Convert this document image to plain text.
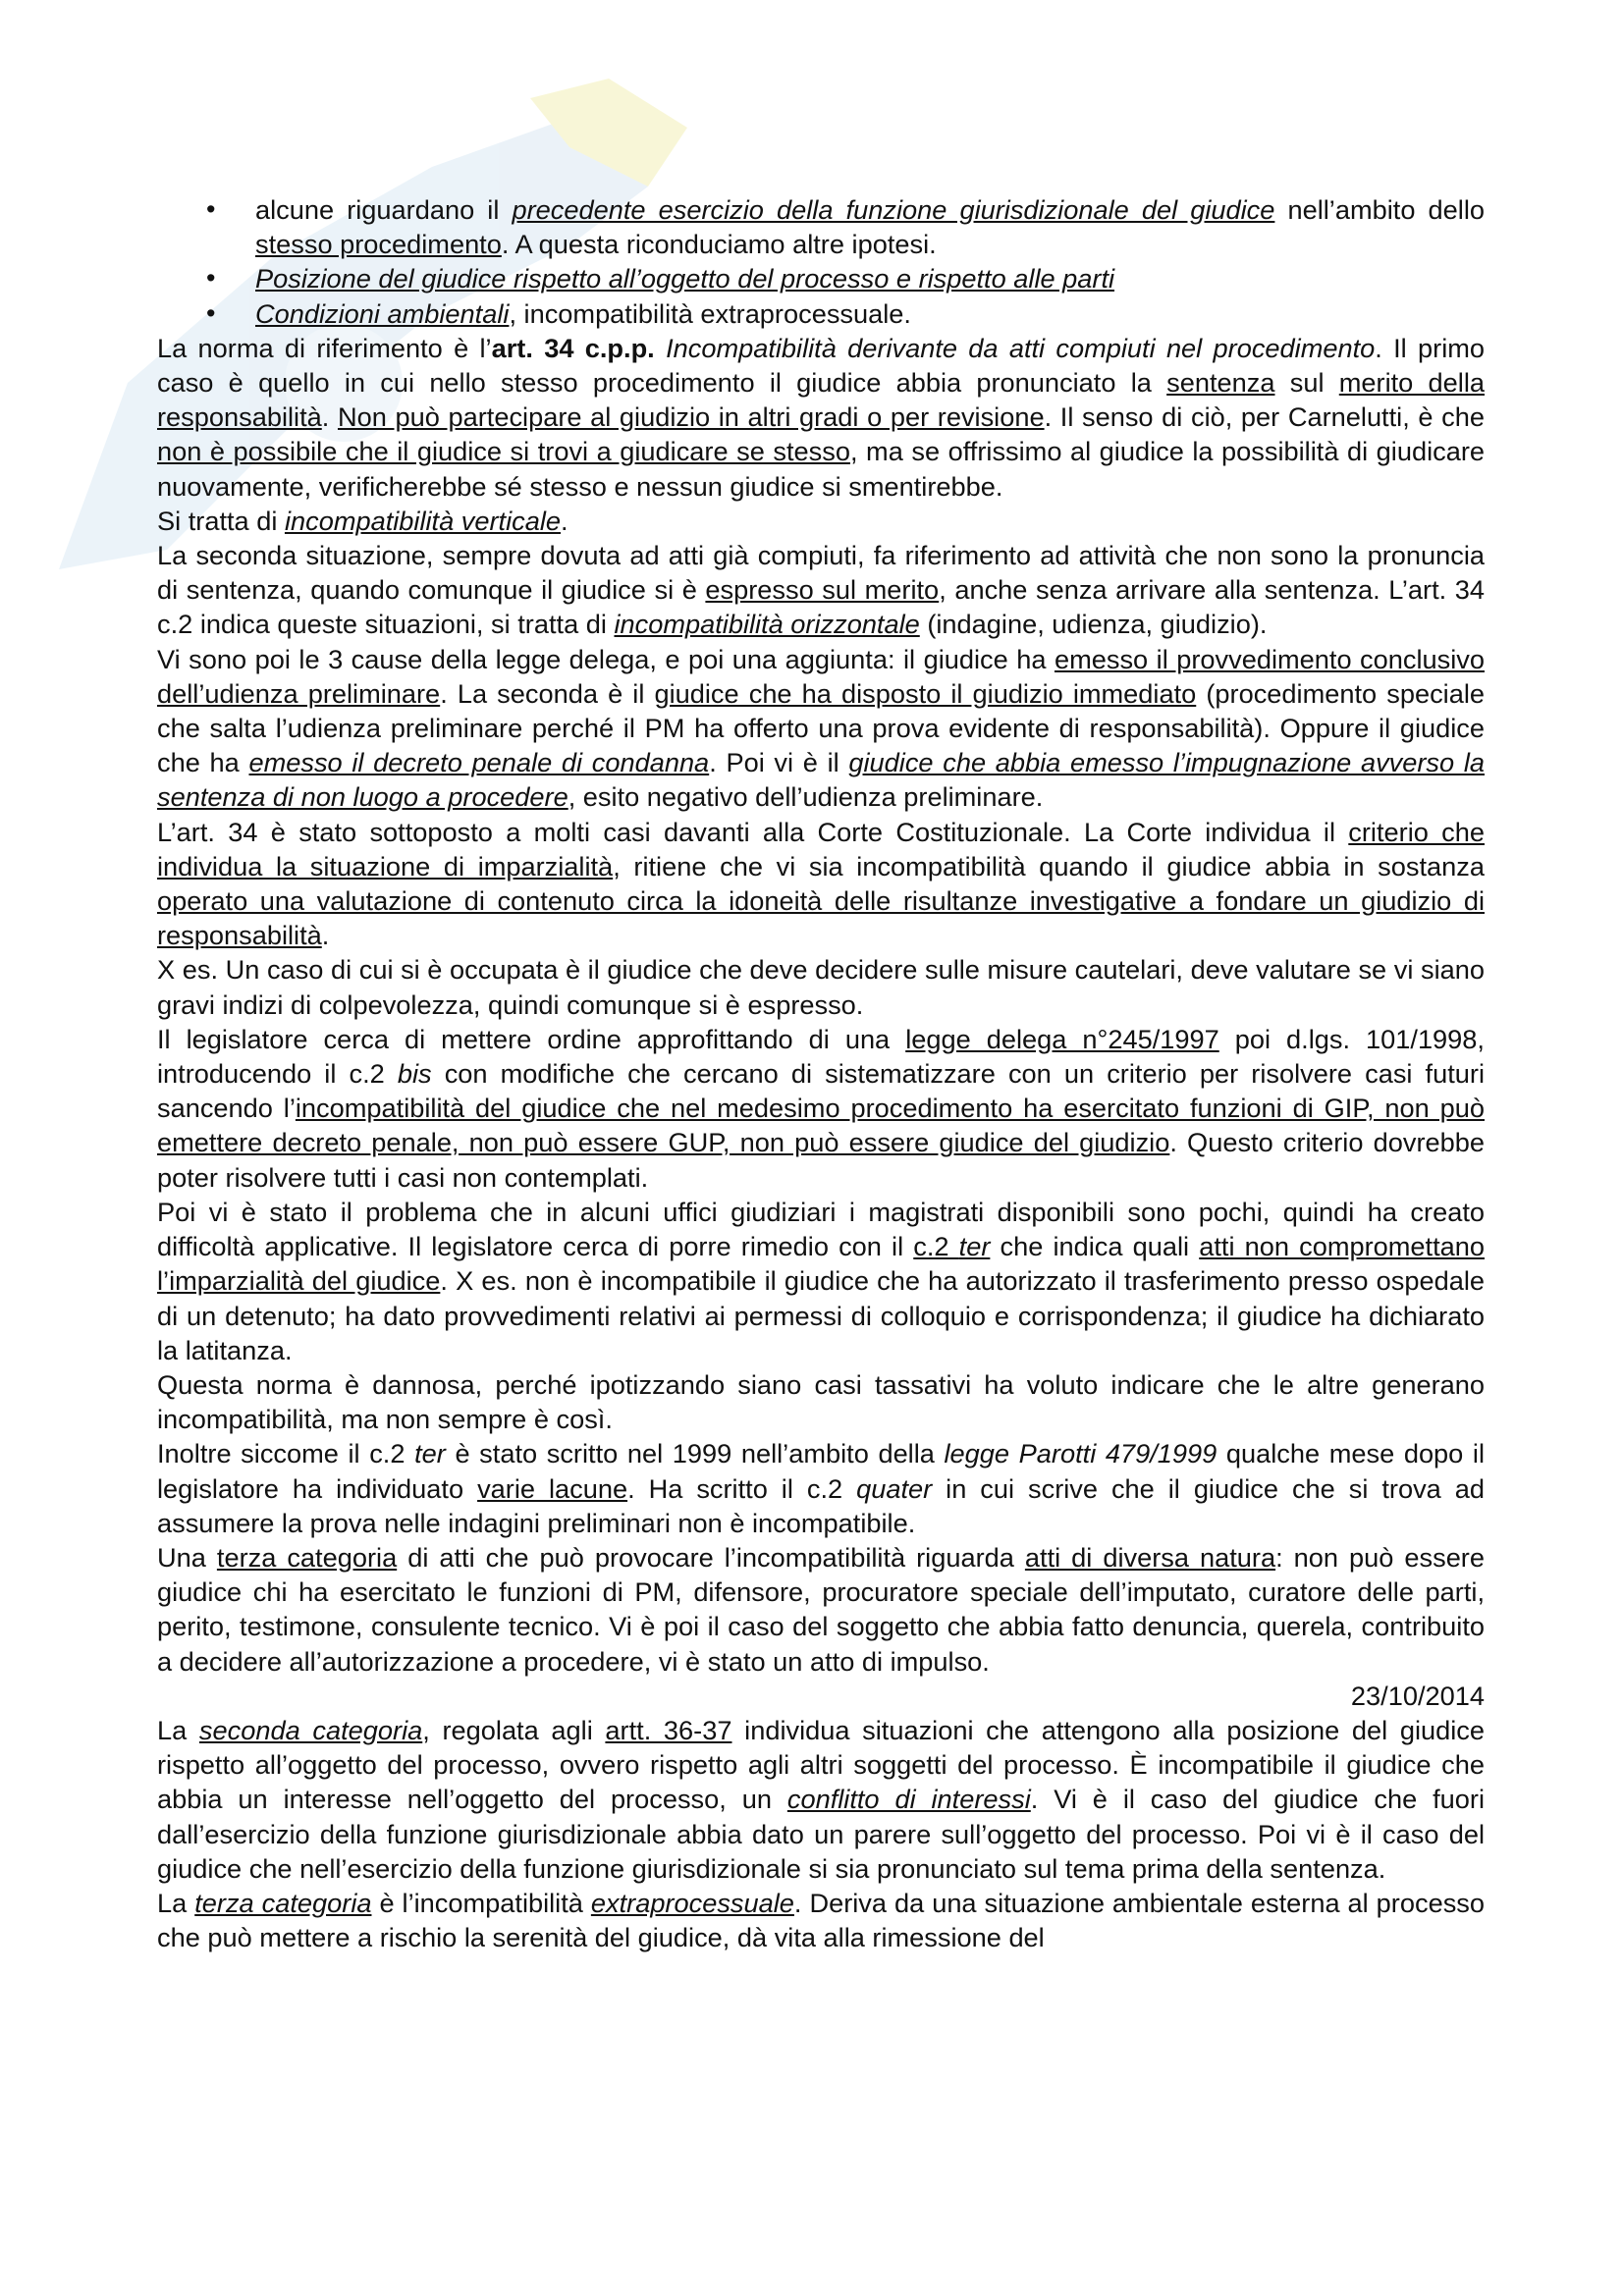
• alcune riguardano il precedente esercizio della funzione giurisdizionale del giudice nell’ambito dello stesso procedimento. A questa riconduciamo altre ipotesi.
• Posizione del giudice rispetto all’oggetto del processo e rispetto alle parti
• Condizioni ambientali, incompatibilità extraprocessuale.

La norma di riferimento è l’art. 34 c.p.p. Incompatibilità derivante da atti compiuti nel procedimento. Il primo caso è quello in cui nello stesso procedimento il giudice abbia pronunciato la sentenza sul merito della responsabilità. Non può partecipare al giudizio in altri gradi o per revisione. Il senso di ciò, per Carnelutti, è che non è possibile che il giudice si trovi a giudicare se stesso, ma se offrissimo al giudice la possibilità di giudicare nuovamente, verificherebbe sé stesso e nessun giudice si smentirebbe.

Si tratta di incompatibilità verticale.

La seconda situazione, sempre dovuta ad atti già compiuti, fa riferimento ad attività che non sono la pronuncia di sentenza, quando comunque il giudice si è espresso sul merito, anche senza arrivare alla sentenza. L’art. 34 c.2 indica queste situazioni, si tratta di incompatibilità orizzontale (indagine, udienza, giudizio).

Vi sono poi le 3 cause della legge delega, e poi una aggiunta: il giudice ha emesso il provvedimento conclusivo dell’udienza preliminare. La seconda è il giudice che ha disposto il giudizio immediato (procedimento speciale che salta l’udienza preliminare perché il PM ha offerto una prova evidente di responsabilità). Oppure il giudice che ha emesso il decreto penale di condanna. Poi vi è il giudice che abbia emesso l’impugnazione avverso la sentenza di non luogo a procedere, esito negativo dell’udienza preliminare.

L’art. 34 è stato sottoposto a molti casi davanti alla Corte Costituzionale. La Corte individua il criterio che individua la situazione di imparzialità, ritiene che vi sia incompatibilità quando il giudice abbia in sostanza operato una valutazione di contenuto circa la idoneità delle risultanze investigative a fondare un giudizio di responsabilità.

X es. Un caso di cui si è occupata è il giudice che deve decidere sulle misure cautelari, deve valutare se vi siano gravi indizi di colpevolezza, quindi comunque si è espresso.

Il legislatore cerca di mettere ordine approfittando di una legge delega n°245/1997 poi d.lgs. 101/1998, introducendo il c.2 bis con modifiche che cercano di sistematizzare con un criterio per risolvere casi futuri sancendo l’incompatibilità del giudice che nel medesimo procedimento ha esercitato funzioni di GIP, non può emettere decreto penale, non può essere GUP, non può essere giudice del giudizio. Questo criterio dovrebbe poter risolvere tutti i casi non contemplati.

Poi vi è stato il problema che in alcuni uffici giudiziari i magistrati disponibili sono pochi, quindi ha creato difficoltà applicative. Il legislatore cerca di porre rimedio con il c.2 ter che indica quali atti non compromettano l’imparzialità del giudice. X es. non è incompatibile il giudice che ha autorizzato il trasferimento presso ospedale di un detenuto; ha dato provvedimenti relativi ai permessi di colloquio e corrispondenza; il giudice ha dichiarato la latitanza.

Questa norma è dannosa, perché ipotizzando siano casi tassativi ha voluto indicare che le altre generano incompatibilità, ma non sempre è così.

Inoltre siccome il c.2 ter è stato scritto nel 1999 nell’ambito della legge Parotti 479/1999 qualche mese dopo il legislatore ha individuato varie lacune. Ha scritto il c.2 quater in cui scrive che il giudice che si trova ad assumere la prova nelle indagini preliminari non è incompatibile.

Una terza categoria di atti che può provocare l’incompatibilità riguarda atti di diversa natura: non può essere giudice chi ha esercitato le funzioni di PM, difensore, procuratore speciale dell’imputato, curatore delle parti, perito, testimone, consulente tecnico. Vi è poi il caso del soggetto che abbia fatto denuncia, querela, contribuito a decidere all’autorizzazione a procedere, vi è stato un atto di impulso.

23/10/2014

La seconda categoria, regolata agli artt. 36-37 individua situazioni che attengono alla posizione del giudice rispetto all’oggetto del processo, ovvero rispetto agli altri soggetti del processo. È incompatibile il giudice che abbia un interesse nell’oggetto del processo, un conflitto di interessi. Vi è il caso del giudice che fuori dall’esercizio della funzione giurisdizionale abbia dato un parere sull’oggetto del processo. Poi vi è il caso del giudice che nell’esercizio della funzione giurisdizionale si sia pronunciato sul tema prima della sentenza.

La terza categoria è l’incompatibilità extraprocessuale. Deriva da una situazione ambientale esterna al processo che può mettere a rischio la serenità del giudice, dà vita alla rimessione del
